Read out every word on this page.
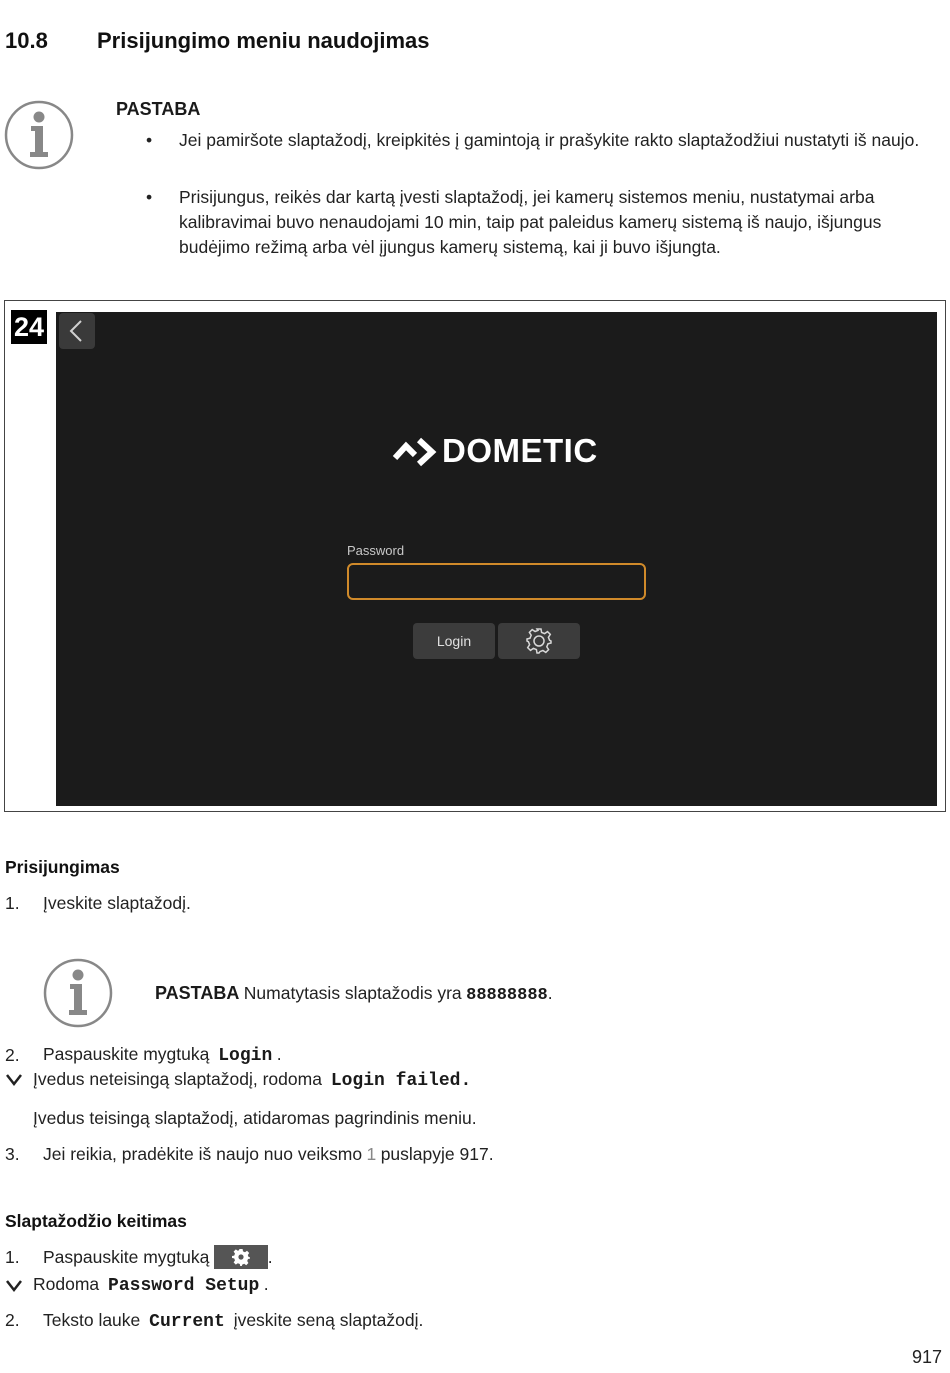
10.8 Prisijungimo meniu naudojimas
PASTABA
• Jei pamiršote slaptažodį, kreipkitės į gamintoją ir prašykite rakto slaptažodžiui nustatyti iš naujo.
• Prisijungus, reikės dar kartą įvesti slaptažodį, jei kamerų sistemos meniu, nustatymai arba kalibravimai buvo nenaudojami 10 min, taip pat paleidus kamerų sistemą iš naujo, išjungus budėjimo režimą arba vėl įjungus kamerų sistemą, kai ji buvo išjungta.
24
DOMETIC
Password
Login
Prisijungimas
1. Įveskite slaptažodį.
PASTABA Numatytasis slaptažodis yra 88888888.
2. Paspauskite mygtuką Login .
Įvedus neteisingą slaptažodį, rodoma Login failed.
Įvedus teisingą slaptažodį, atidaromas pagrindinis meniu.
3. Jei reikia, pradėkite iš naujo nuo veiksmo 1 puslapyje 917.
Slaptažodžio keitimas
1. Paspauskite mygtuką	.
Rodoma Password Setup .
2. Teksto lauke Current įveskite seną slaptažodį.
917
